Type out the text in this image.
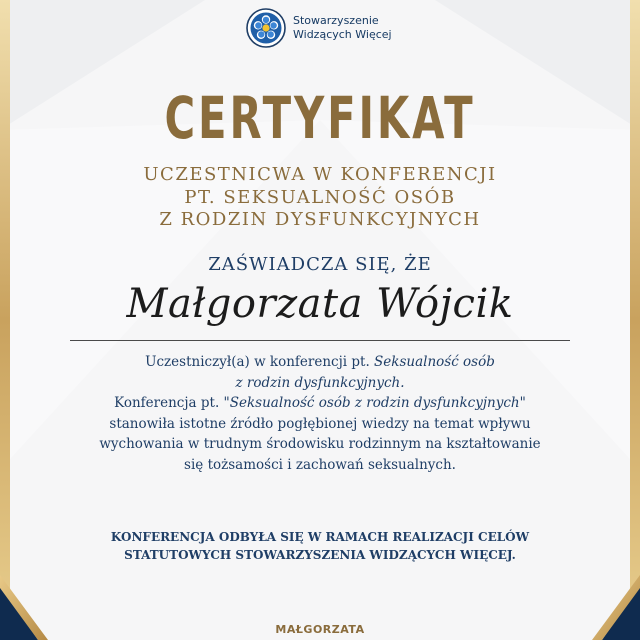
Stowarzyszenie
Widzących Więcej
CERTYFIKAT
UCZESTNICWA W KONFERENCJI
PT. SEKSUALNOŚĆ OSÓB
Z RODZIN DYSFUNKCYJNYCH
ZAŚWIADCZA SIĘ, ŻE
Małgorzata Wójcik
Uczestniczył(a) w konferencji pt. Seksualność osób
z rodzin dysfunkcyjnych.
Konferencja pt. "Seksualność osób z rodzin dysfunkcyjnych"
stanowiła istotne źródło pogłębionej wiedzy na temat wpływu
wychowania w trudnym środowisku rodzinnym na kształtowanie
się tożsamości i zachowań seksualnych.
KONFERENCJA ODBYŁA SIĘ W RAMACH REALIZACJI CELÓW
STATUTOWYCH STOWARZYSZENIA WIDZĄCYCH WIĘCEJ.
MAŁGORZATA
